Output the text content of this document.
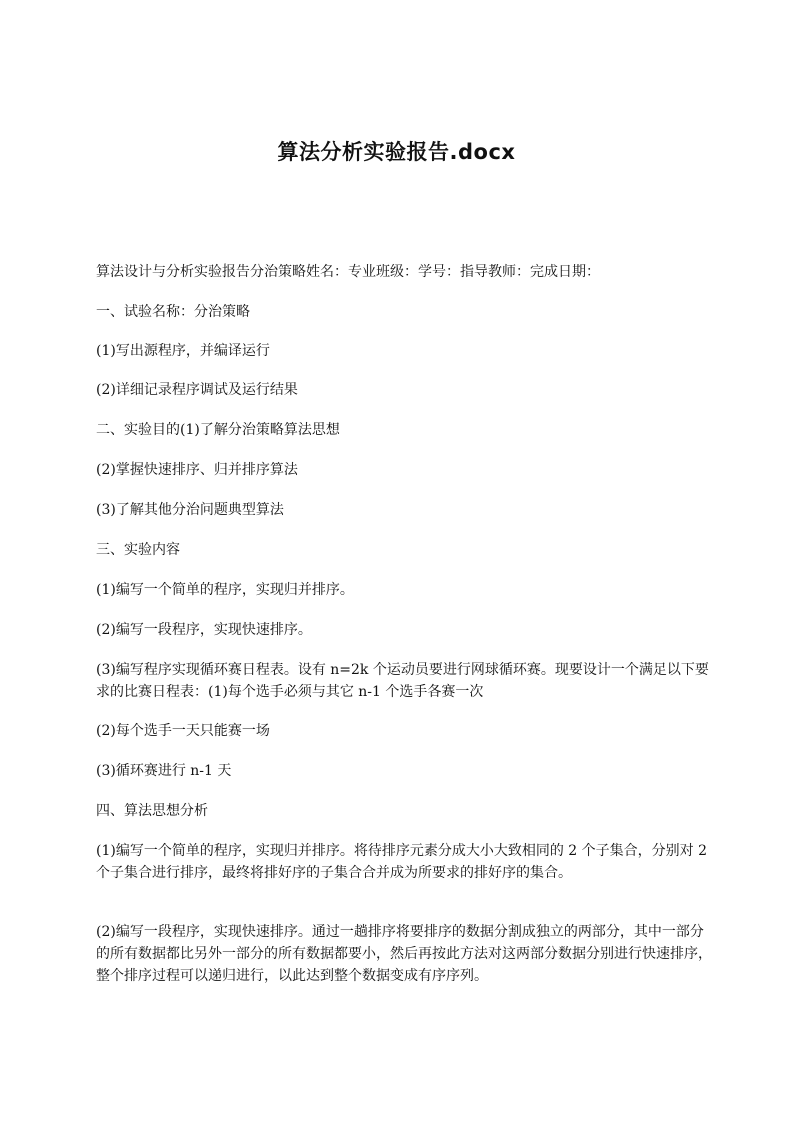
算法分析实验报告.docx

算法设计与分析实验报告分治策略姓名：专业班级：学号：指导教师：完成日期：

一、试验名称：分治策略

(1)写出源程序，并编译运行

(2)详细记录程序调试及运行结果

二、实验目的(1)了解分治策略算法思想

(2)掌握快速排序、归并排序算法

(3)了解其他分治问题典型算法

三、实验内容

(1)编写一个简单的程序，实现归并排序。

(2)编写一段程序，实现快速排序。

(3)编写程序实现循环赛日程表。设有 n=2k 个运动员要进行网球循环赛。现要设计一个满足以下要求的比赛日程表：(1)每个选手必须与其它 n-1 个选手各赛一次

(2)每个选手一天只能赛一场

(3)循环赛进行 n-1 天

四、算法思想分析

(1)编写一个简单的程序，实现归并排序。将待排序元素分成大小大致相同的 2 个子集合，分别对 2 个子集合进行排序，最终将排好序的子集合合并成为所要求的排好序的集合。

(2)编写一段程序，实现快速排序。通过一趟排序将要排序的数据分割成独立的两部分，其中一部分的所有数据都比另外一部分的所有数据都要小，然后再按此方法对这两部分数据分别进行快速排序，整个排序过程可以递归进行，以此达到整个数据变成有序序列。
